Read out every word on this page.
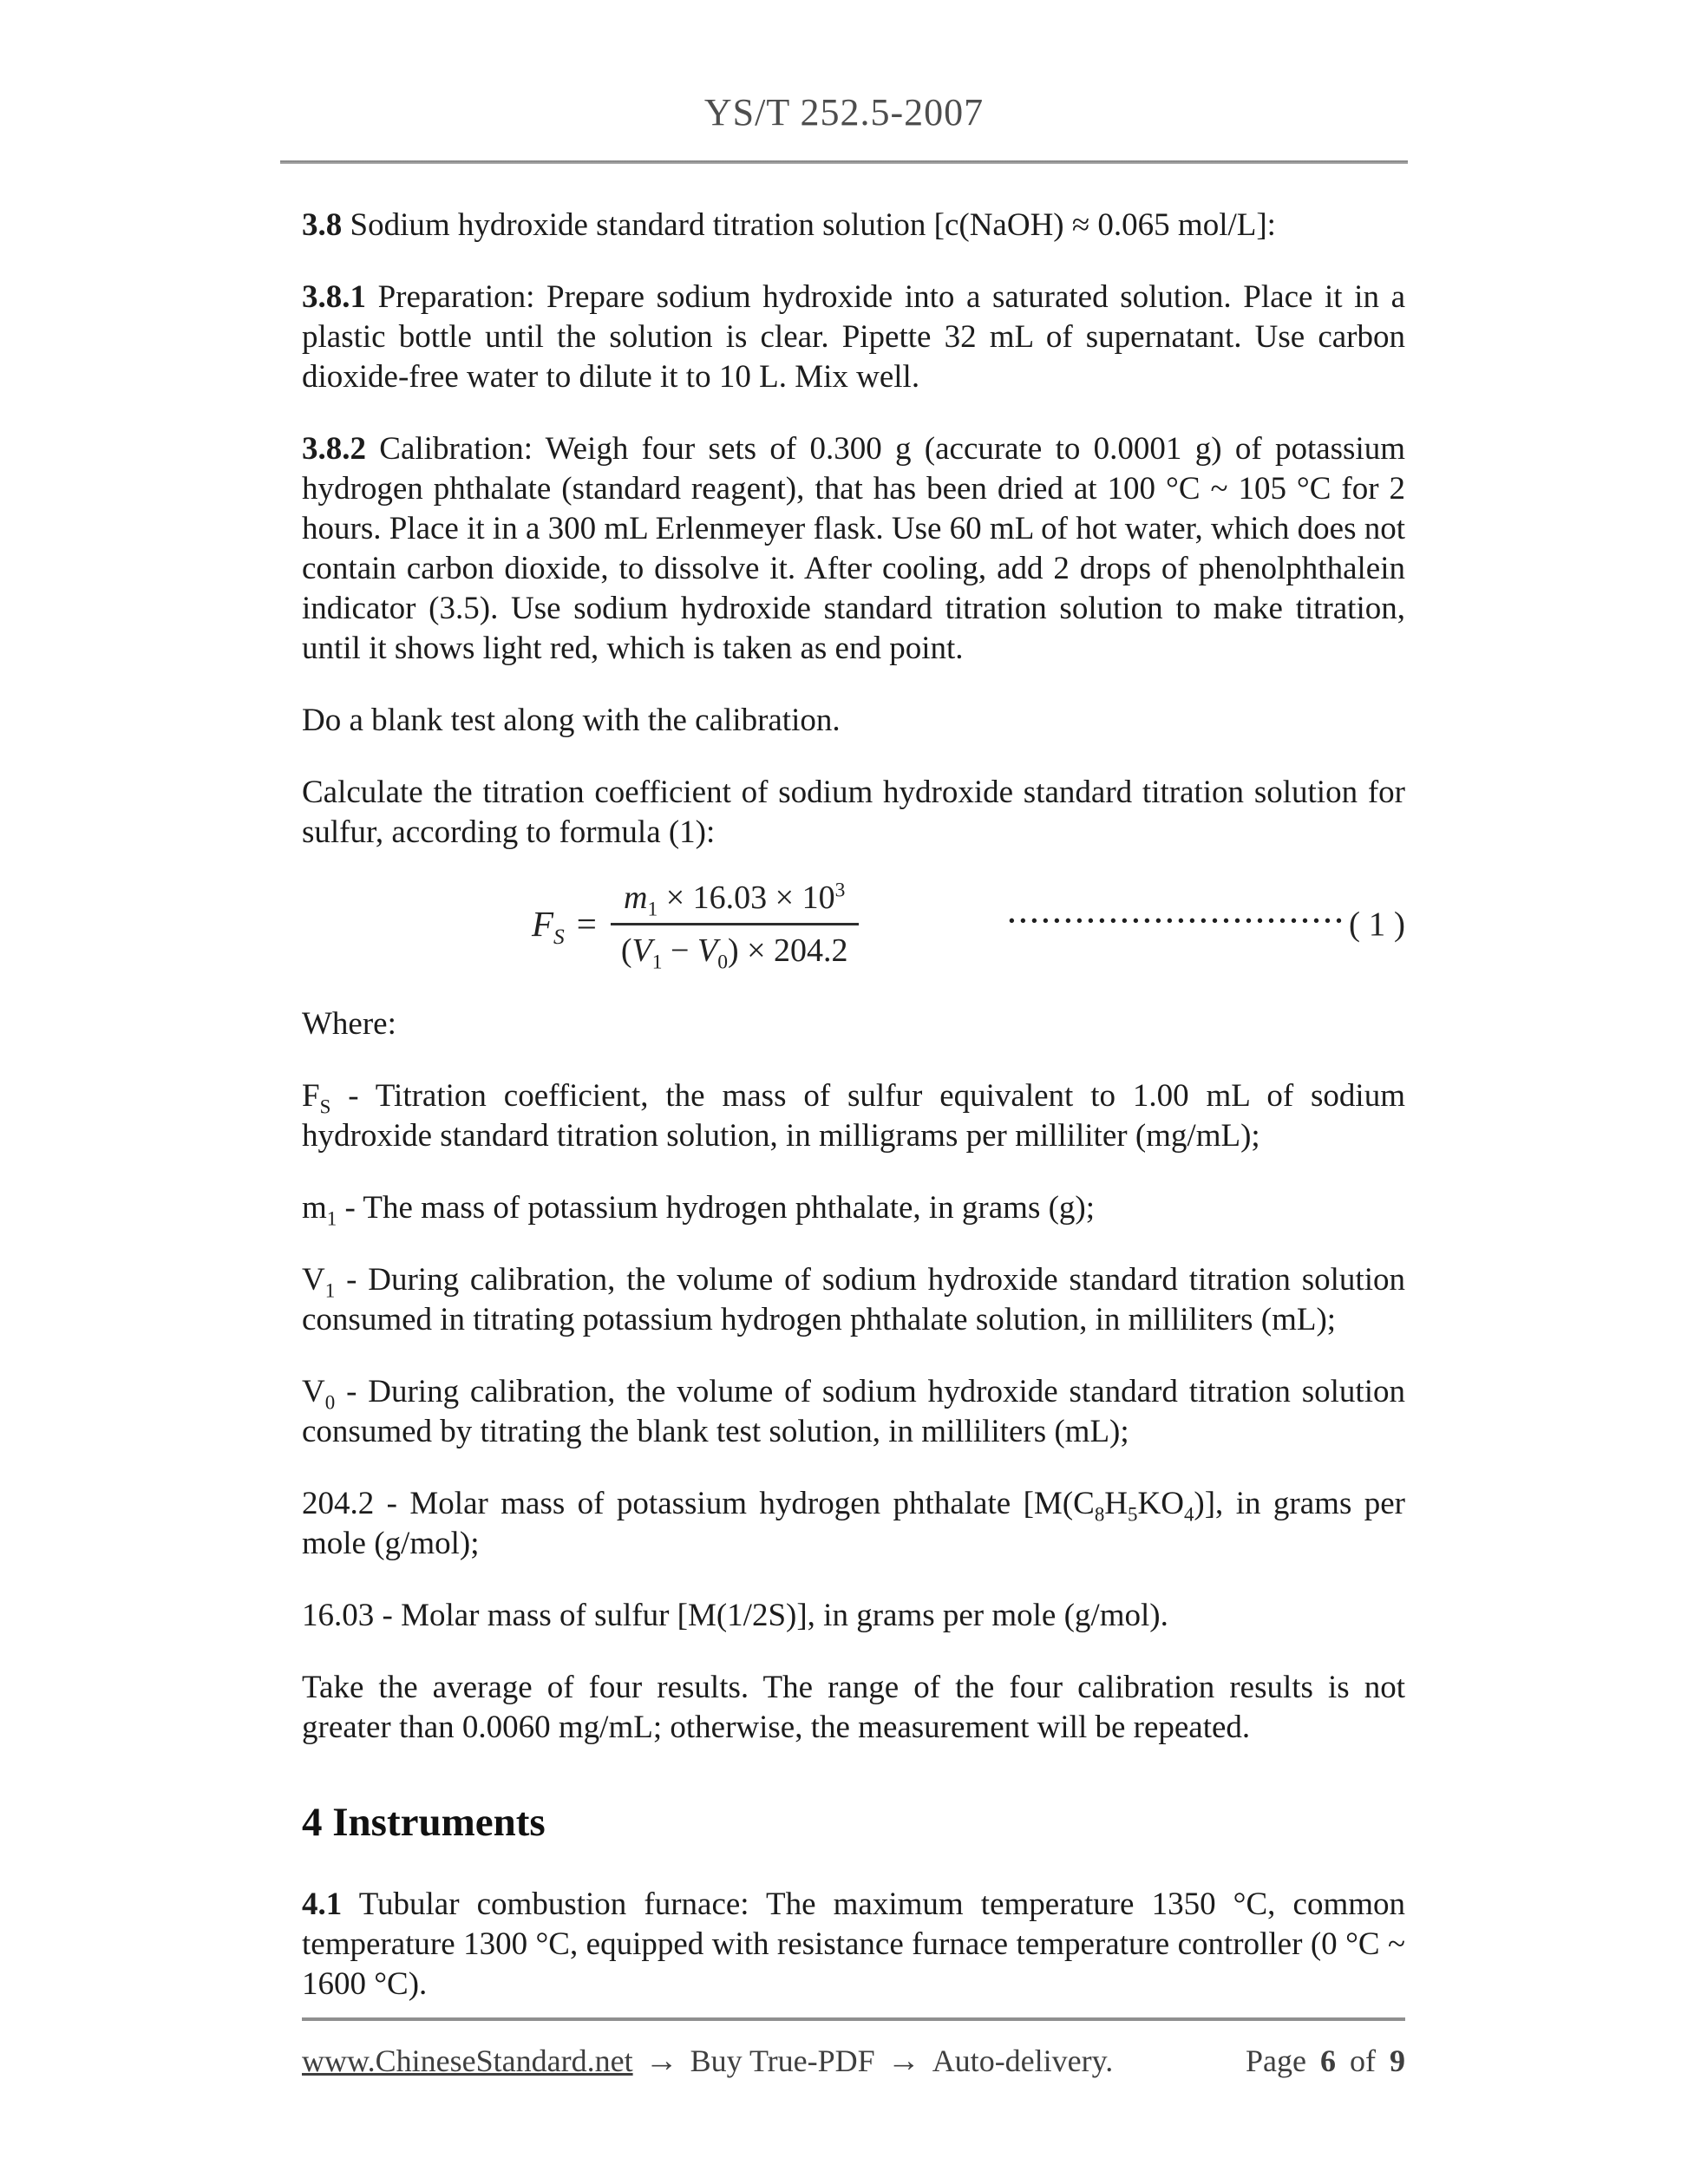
YS/T 252.5-2007

3.8 Sodium hydroxide standard titration solution [c(NaOH) ≈ 0.065 mol/L]:

3.8.1 Preparation: Prepare sodium hydroxide into a saturated solution. Place it in a plastic bottle until the solution is clear. Pipette 32 mL of supernatant. Use carbon dioxide-free water to dilute it to 10 L. Mix well.

3.8.2 Calibration: Weigh four sets of 0.300 g (accurate to 0.0001 g) of potassium hydrogen phthalate (standard reagent), that has been dried at 100 °C ~ 105 °C for 2 hours. Place it in a 300 mL Erlenmeyer flask. Use 60 mL of hot water, which does not contain carbon dioxide, to dissolve it. After cooling, add 2 drops of phenolphthalein indicator (3.5). Use sodium hydroxide standard titration solution to make titration, until it shows light red, which is taken as end point.

Do a blank test along with the calibration.

Calculate the titration coefficient of sodium hydroxide standard titration solution for sulfur, according to formula (1):

$F_S = \frac{m_1 \times 16.03 \times 10^3}{(V_1 - V_0) \times 204.2}$	······························ ( 1 )

Where:

$F_S$ - Titration coefficient, the mass of sulfur equivalent to 1.00 mL of sodium hydroxide standard titration solution, in milligrams per milliliter (mg/mL);

$m_1$ - The mass of potassium hydrogen phthalate, in grams (g);

$V_1$ - During calibration, the volume of sodium hydroxide standard titration solution consumed in titrating potassium hydrogen phthalate solution, in milliliters (mL);

$V_0$ - During calibration, the volume of sodium hydroxide standard titration solution consumed by titrating the blank test solution, in milliliters (mL);

204.2 - Molar mass of potassium hydrogen phthalate $[M(C_8H_5KO_4)]$, in grams per mole (g/mol);

16.03 - Molar mass of sulfur [M(1/2S)], in grams per mole (g/mol).

Take the average of four results. The range of the four calibration results is not greater than 0.0060 mg/mL; otherwise, the measurement will be repeated.

4 Instruments

4.1 Tubular combustion furnace: The maximum temperature 1350 °C, common temperature 1300 °C, equipped with resistance furnace temperature controller (0 °C ~ 1600 °C).

www.ChineseStandard.net → Buy True-PDF → Auto-delivery.	Page 6 of 9
